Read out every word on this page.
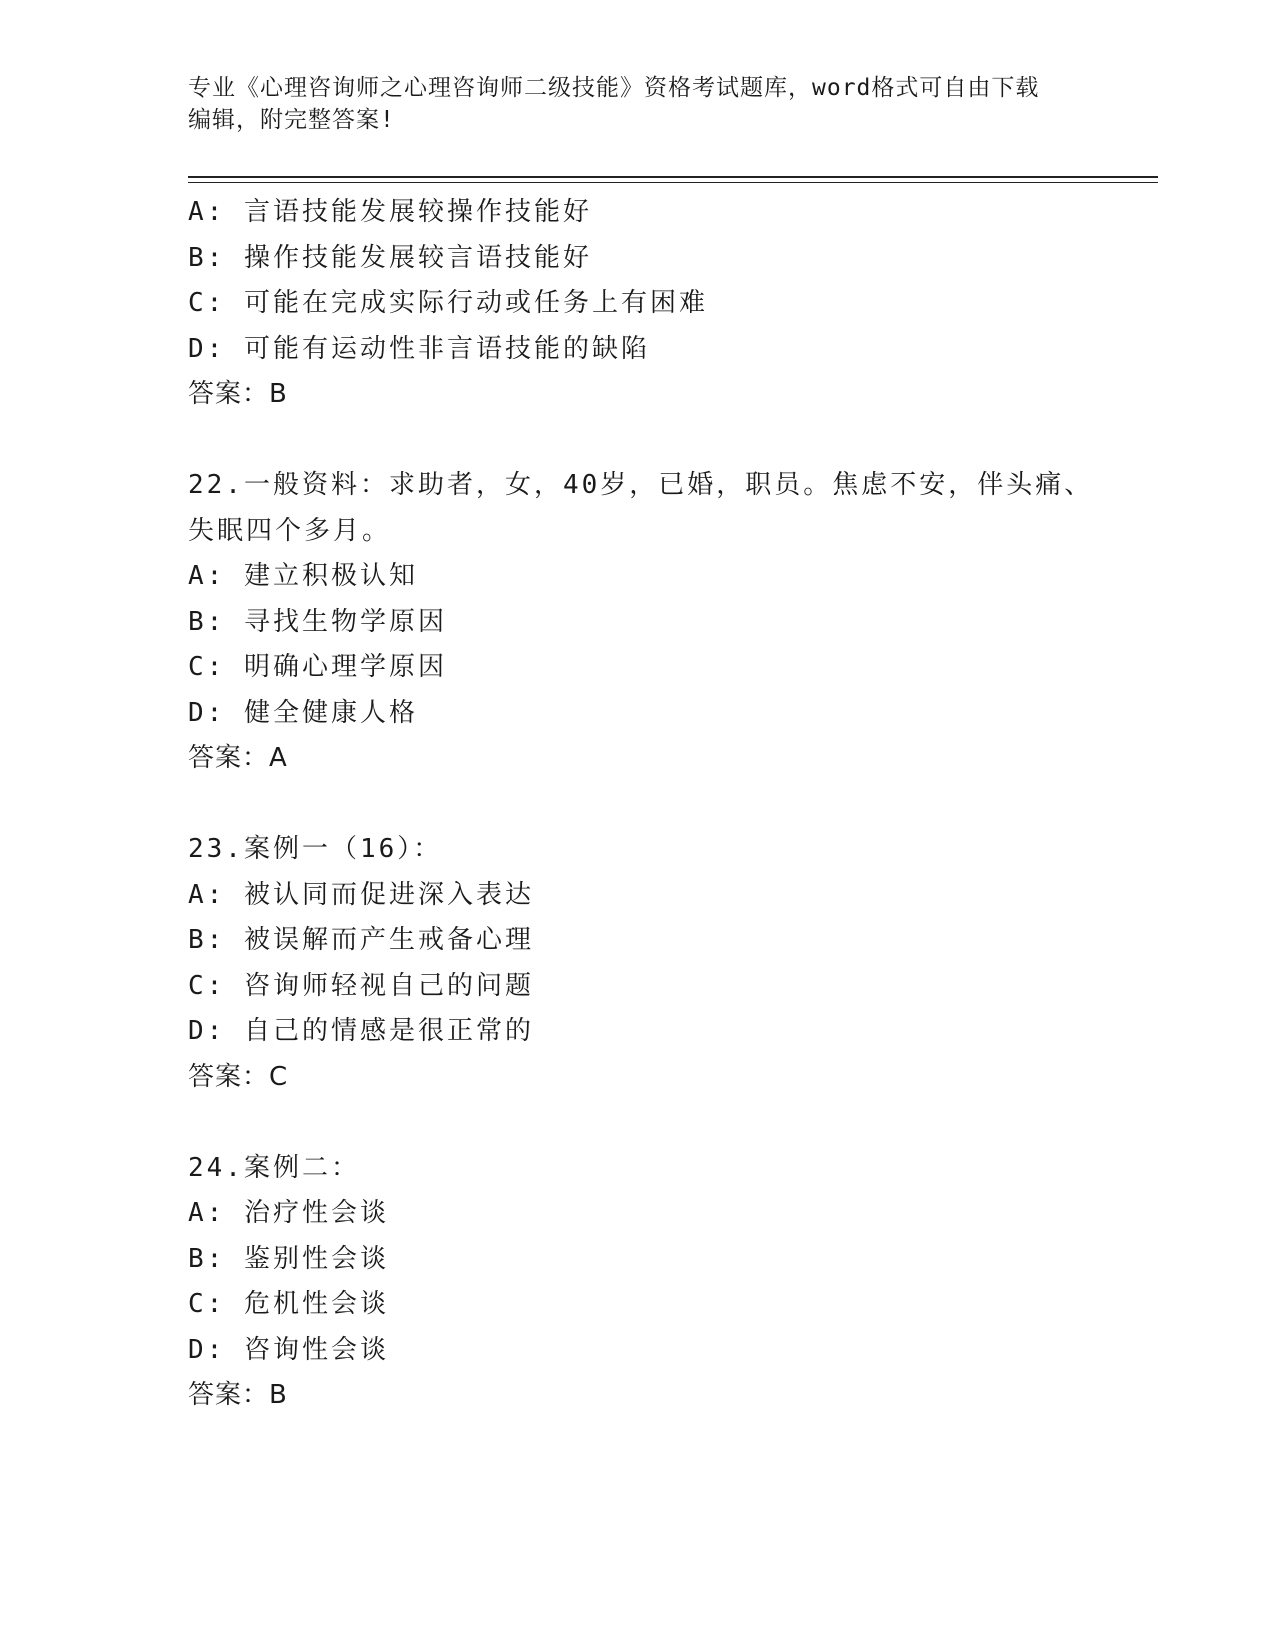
专业《心理咨询师之心理咨询师二级技能》资格考试题库，word格式可自由下载
编辑，附完整答案!
A: 言语技能发展较操作技能好
B: 操作技能发展较言语技能好
C: 可能在完成实际行动或任务上有困难
D: 可能有运动性非言语技能的缺陷
答案：B
22.一般资料：求助者，女，40岁，已婚，职员。焦虑不安，伴头痛、
失眠四个多月。
A: 建立积极认知
B: 寻找生物学原因
C: 明确心理学原因
D: 健全健康人格
答案：A
23.案例一（16）：
A: 被认同而促进深入表达
B: 被误解而产生戒备心理
C: 咨询师轻视自己的问题
D: 自己的情感是很正常的
答案：C
24.案例二：
A: 治疗性会谈
B: 鉴别性会谈
C: 危机性会谈
D: 咨询性会谈
答案：B
